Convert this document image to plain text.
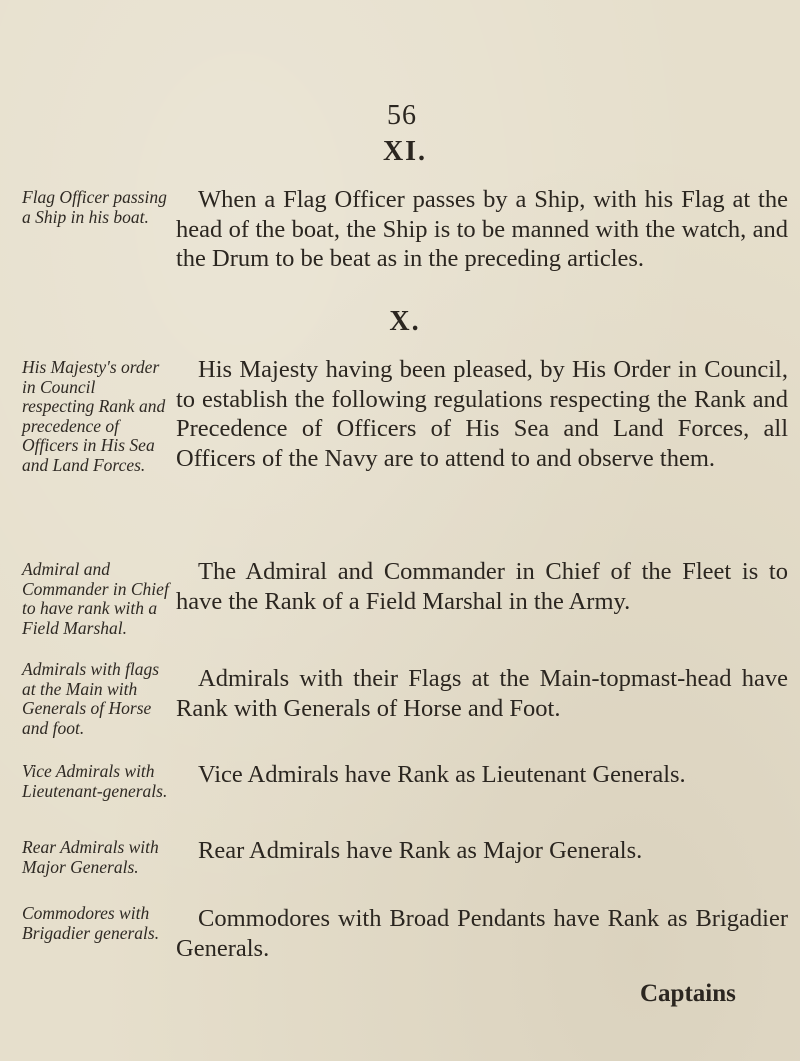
56
XI.
Flag Officer passing a Ship in his boat.
When a Flag Officer passes by a Ship, with his Flag at the head of the boat, the Ship is to be manned with the watch, and the Drum to be beat as in the preceding articles.
X.
His Majesty's order in Council respecting Rank and precedence of Officers in His Sea and Land Forces.
His Majesty having been pleased, by His Order in Council, to establish the following regulations respecting the Rank and Precedence of Officers of His Sea and Land Forces, all Officers of the Navy are to attend to and observe them.
Admiral and Commander in Chief to have rank with a Field Marshal.
The Admiral and Commander in Chief of the Fleet is to have the Rank of a Field Marshal in the Army.
Admirals with flags at the Main with Generals of Horse and foot.
Admirals with their Flags at the Main-topmast-head have Rank with Generals of Horse and Foot.
Vice Admirals with Lieutenant-generals.
Vice Admirals have Rank as Lieutenant Generals.
Rear Admirals with Major Generals.
Rear Admirals have Rank as Major Generals.
Commodores with Brigadier generals.
Commodores with Broad Pendants have Rank as Brigadier Generals.
Captains
